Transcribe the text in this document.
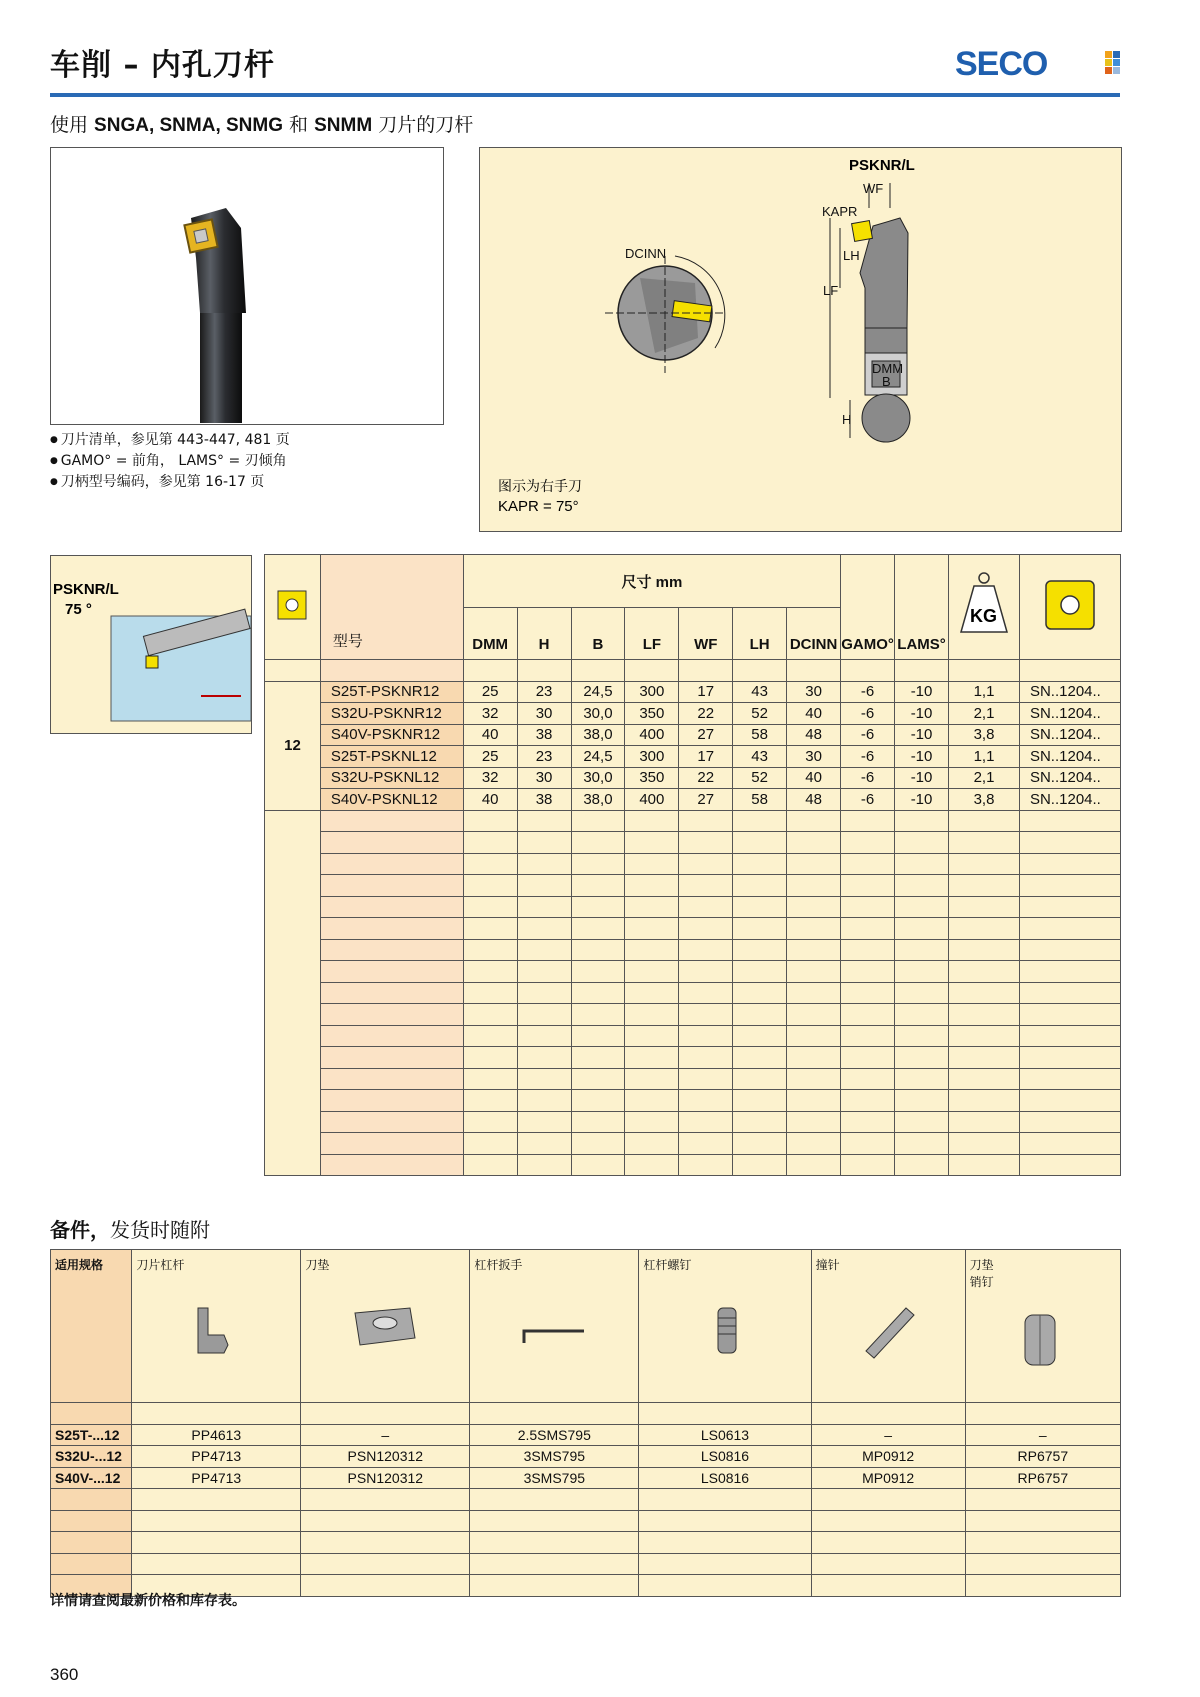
车削 – 内孔刀杆	SECO
使用 SNGA, SNMA, SNMG 和 SNMM 刀片的刀杆
● 刀片清单，参见第 443-447, 481 页
● GAMO° = 前角， LAMS° = 刃倾角
● 刀柄型号编码，参见第 16-17 页
PSKNR/L
DCINN
WF
KAPR
LH
LF
DMM
B
H
图示为右手刀
KAPR = 75°
PSKNR/L
75 °
	型号	尺寸 mm							GAMO°	LAMS°	KG

		DMM	H	B	LF	WF	LH	DCINN				

12	S25T-PSKNR12	25	23	24,5	300	17	43	30	-6	-10	1,1	SN..1204..
	S32U-PSKNR12	32	30	30,0	350	22	52	40	-6	-10	2,1	SN..1204..
	S40V-PSKNR12	40	38	38,0	400	27	58	48	-6	-10	3,8	SN..1204..
	S25T-PSKNL12	25	23	24,5	300	17	43	30	-6	-10	1,1	SN..1204..
	S32U-PSKNL12	32	30	30,0	350	22	52	40	-6	-10	2,1	SN..1204..
	S40V-PSKNL12	40	38	38,0	400	27	58	48	-6	-10	3,8	SN..1204..

备件，发货时随附
适用规格	刀片杠杆	刀垫	杠杆扳手	杠杆螺钉	撞针	刀垫
销钉

S25T-...12	PP4613	–	2.5SMS795	LS0613	–	–
S32U-...12	PP4713	PSN120312	3SMS795	LS0816	MP0912	RP6757
S40V-...12	PP4713	PSN120312	3SMS795	LS0816	MP0912	RP6757

详情请查阅最新价格和库存表。
360
